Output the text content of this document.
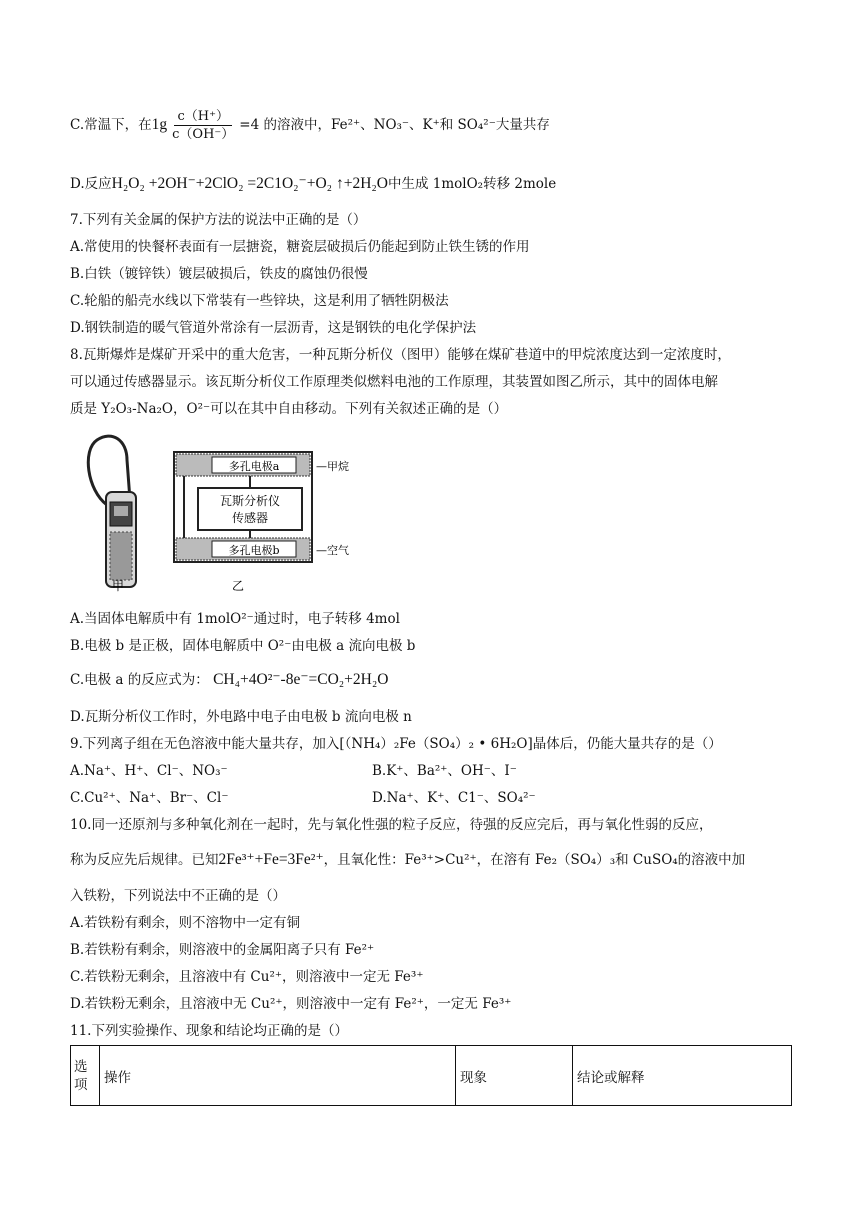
C.常温下，在$1g \frac{c(H^+)}{c(OH^-)} =4$ 的溶液中，Fe²⁺、NO₃⁻、K⁺和 SO₄²⁻大量共存
D.反应H₂O₂ +2OH⁻+2ClO₂ =2C1O₂⁻+O₂ ↑+2H₂O中生成 1molO₂转移 2mole
7.下列有关金属的保护方法的说法中正确的是（）
A.常使用的快餐杯表面有一层搪瓷，糖瓷层破损后仍能起到防止铁生锈的作用
B.白铁（镀锌铁）镀层破损后，铁皮的腐蚀仍很慢
C.轮船的船壳水线以下常装有一些锌块，这是利用了牺牲阴极法
D.钢铁制造的暖气管道外常涂有一层沥青，这是钢铁的电化学保护法
8.瓦斯爆炸是煤矿开采中的重大危害，一种瓦斯分析仪（图甲）能够在煤矿巷道中的甲烷浓度达到一定浓度时，
可以通过传感器显示。该瓦斯分析仪工作原理类似燃料电池的工作原理，其装置如图乙所示，其中的固体电解
质是 Y₂O₃-Na₂O，O²⁻可以在其中自由移动。下列有关叙述正确的是（）
甲
多孔电极a
瓦斯分析仪
传感器
多孔电极b
—甲烷
—空气
乙
A.当固体电解质中有 1molO²⁻通过时，电子转移 4mol
B.电极 b 是正极，固体电解质中 O²⁻由电极 a 流向电极 b
C.电极 a 的反应式为： CH₄+4O²⁻-8e⁻=CO₂+2H₂O
D.瓦斯分析仪工作时，外电路中电子由电极 b 流向电极 n
9.下列离子组在无色溶液中能大量共存，加入[（NH₄）₂Fe（SO₄）₂ • 6H₂O]晶体后，仍能大量共存的是（）
A.Na⁺、H⁺、Cl⁻、NO₃⁻	B.K⁺、Ba²⁺、OH⁻、I⁻
C.Cu²⁺、Na⁺、Br⁻、Cl⁻	D.Na⁺、K⁺、C1⁻、SO₄²⁻
10.同一还原剂与多种氧化剂在一起时，先与氧化性强的粒子反应，待强的反应完后，再与氧化性弱的反应，
称为反应先后规律。已知2Fe³⁺+Fe=3Fe²⁺，且氧化性：Fe³⁺>Cu²⁺，在溶有 Fe₂（SO₄）₃和 CuSO₄的溶液中加
入铁粉，下列说法中不正确的是（）
A.若铁粉有剩余，则不溶物中一定有铜
B.若铁粉有剩余，则溶液中的金属阳离子只有 Fe²⁺
C.若铁粉无剩余，且溶液中有 Cu²⁺，则溶液中一定无 Fe³⁺
D.若铁粉无剩余，且溶液中无 Cu²⁺，则溶液中一定有 Fe²⁺，一定无 Fe³⁺
11.下列实验操作、现象和结论均正确的是（）
选项	操作	现象	结论或解释
